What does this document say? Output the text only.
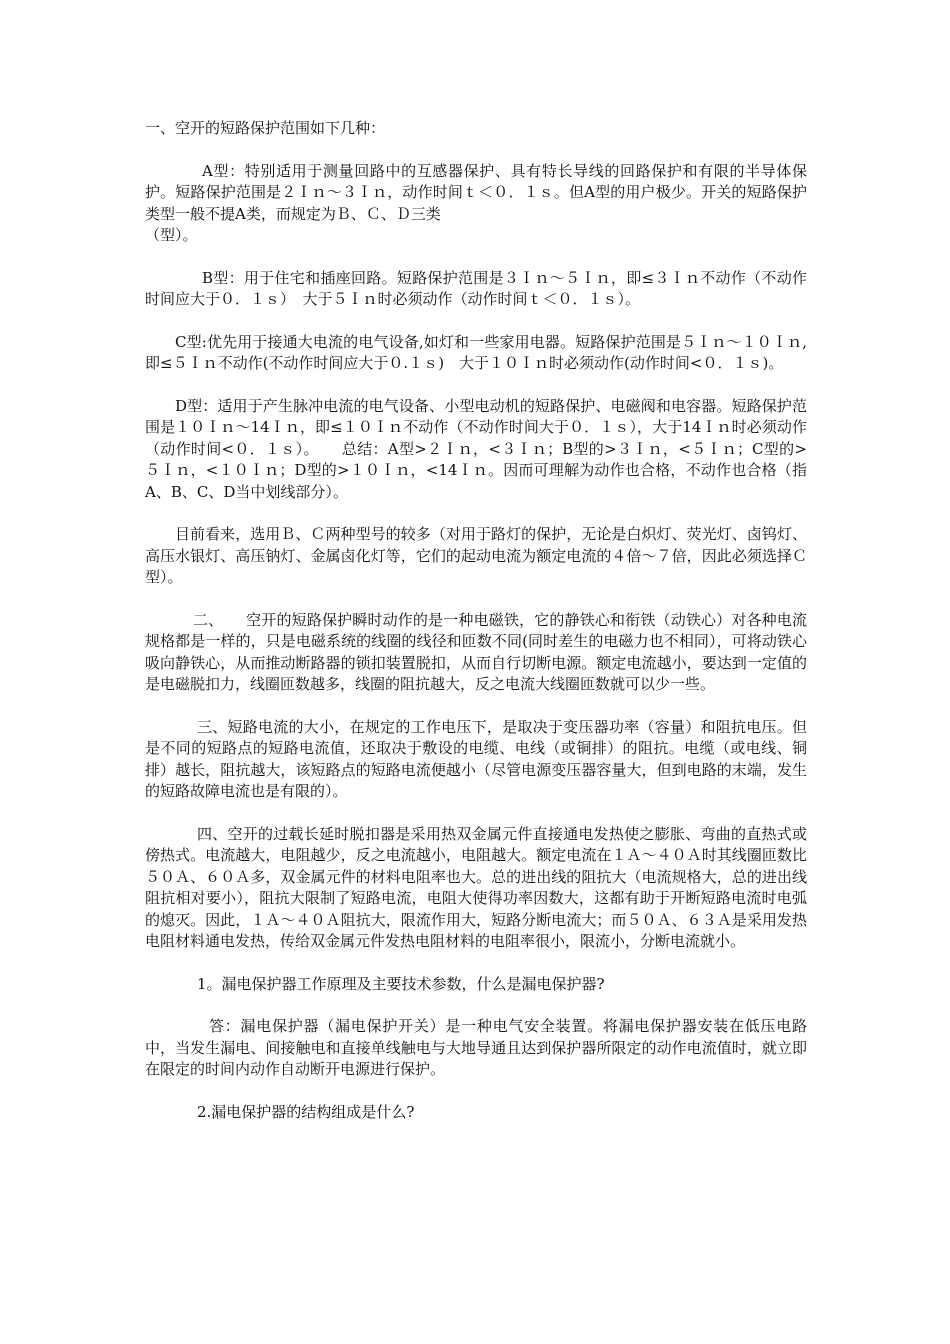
一、空开的短路保护范围如下几种：

A型：特别适用于测量回路中的互感器保护、具有特长导线的回路保护和有限的半导体保护。短路保护范围是２Ｉｎ～３Ｉｎ，动作时间ｔ＜０．１ｓ。但A型的用户极少。开关的短路保护类型一般不提A类，而规定为Ｂ、Ｃ、Ｄ三类

（型）。

B型：用于住宅和插座回路。短路保护范围是３Ｉｎ～５Ｉｎ，即≤３Ｉｎ不动作（不动作时间应大于０．１ｓ）　大于５Ｉｎ时必须动作（动作时间ｔ＜０．１ｓ）。

C型:优先用于接通大电流的电气设备,如灯和一些家用电器。短路保护范围是５Ｉｎ～１０Ｉｎ,即≤５Ｉｎ不动作(不动作时间应大于０.１ｓ)　大于１０Ｉｎ时必须动作(动作时间<０．１ｓ)。

D型：适用于产生脉冲电流的电气设备、小型电动机的短路保护、电磁阀和电容器。短路保护范围是１０Ｉｎ～14Ｉｎ，即≤１０Ｉｎ不动作（不动作时间大于０．１ｓ），大于14Ｉｎ时必须动作（动作时间<０．１ｓ）。　　总结：A型>２Ｉｎ，<３Ｉｎ；B型的>３Ｉｎ，<５Ｉｎ；C型的>５Ｉｎ，<１０Ｉｎ；D型的>１０Ｉｎ，<14Ｉｎ。因而可理解为动作也合格，不动作也合格（指A、B、C、D当中划线部分）。

目前看来，选用Ｂ、Ｃ两种型号的较多（对用于路灯的保护，无论是白炽灯、荧光灯、卤钨灯、高压水银灯、高压钠灯、金属卤化灯等，它们的起动电流为额定电流的４倍～７倍，因此必须选择Ｃ型）。

二、　　空开的短路保护瞬时动作的是一种电磁铁，它的静铁心和衔铁（动铁心）对各种电流规格都是一样的，只是电磁系统的线圈的线径和匝数不同(同时差生的电磁力也不相同），可将动铁心吸向静铁心，从而推动断路器的锁扣装置脱扣，从而自行切断电源。额定电流越小，要达到一定值的是电磁脱扣力，线圈匝数越多，线圈的阻抗越大，反之电流大线圈匝数就可以少一些。

三、短路电流的大小，在规定的工作电压下，是取决于变压器功率（容量）和阻抗电压。但是不同的短路点的短路电流值，还取决于敷设的电缆、电线（或铜排）的阻抗。电缆（或电线、铜排）越长，阻抗越大，该短路点的短路电流便越小（尽管电源变压器容量大，但到电路的末端，发生的短路故障电流也是有限的）。

四、空开的过载长延时脱扣器是采用热双金属元件直接通电发热使之膨胀、弯曲的直热式或傍热式。电流越大，电阻越少，反之电流越小，电阻越大。额定电流在１Ａ～４０Ａ时其线圈匝数比５０Ａ、６０Ａ多，双金属元件的材料电阻率也大。总的进出线的阻抗大（电流规格大，总的进出线阻抗相对要小），阻抗大限制了短路电流，电阻大使得功率因数大，这都有助于开断短路电流时电弧的熄灭。因此，１Ａ～４０Ａ阻抗大，限流作用大，短路分断电流大；而５０Ａ、６３Ａ是采用发热电阻材料通电发热，传给双金属元件发热电阻材料的电阻率很小，限流小，分断电流就小。

1。漏电保护器工作原理及主要技术参数，什么是漏电保护器?

答：漏电保护器（漏电保护开关）是一种电气安全装置。将漏电保护器安装在低压电路中，当发生漏电、间接触电和直接单线触电与大地导通且达到保护器所限定的动作电流值时，就立即在限定的时间内动作自动断开电源进行保护。

2.漏电保护器的结构组成是什么?
